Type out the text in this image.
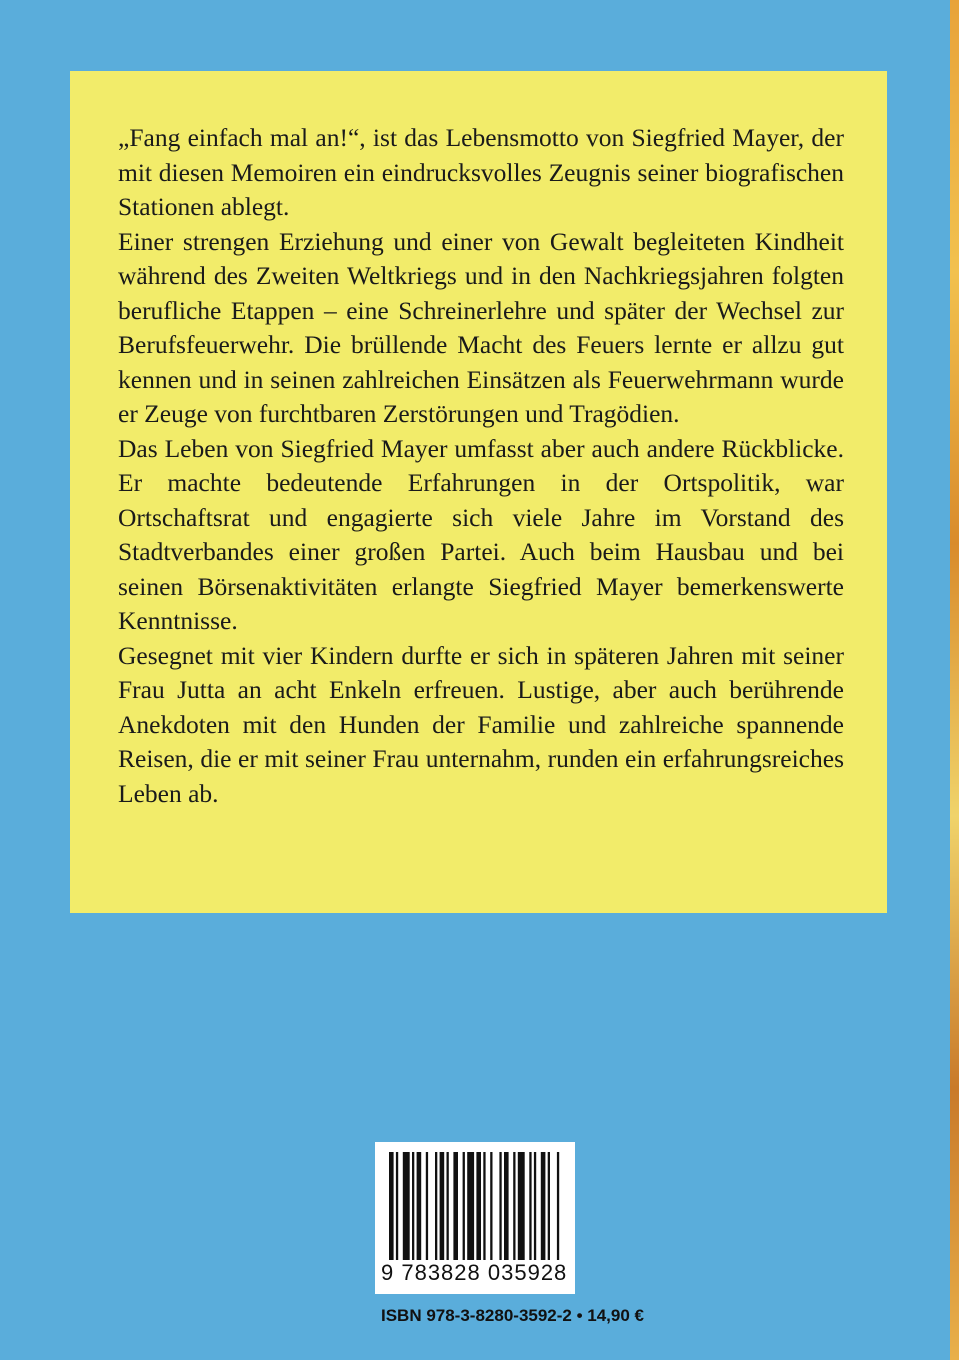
„Fang einfach mal an!“, ist das Lebensmotto von Siegfried Mayer, der mit diesen Memoiren ein eindrucksvolles Zeugnis seiner biografischen Stationen ablegt.

Einer strengen Erziehung und einer von Gewalt begleiteten Kindheit während des Zweiten Weltkriegs und in den Nachkriegsjahren folgten berufliche Etappen – eine Schreinerlehre und später der Wechsel zur Berufsfeuerwehr. Die brüllende Macht des Feuers lernte er allzu gut kennen und in seinen zahlreichen Einsätzen als Feuerwehrmann wurde er Zeuge von furchtbaren Zerstörungen und Tragödien.

Das Leben von Siegfried Mayer umfasst aber auch andere Rückblicke. Er machte bedeutende Erfahrungen in der Ortspolitik, war Ortschaftsrat und engagierte sich viele Jahre im Vorstand des Stadtverbandes einer großen Partei. Auch beim Hausbau und bei seinen Börsenaktivitäten erlangte Siegfried Mayer bemerkenswerte Kenntnisse.

Gesegnet mit vier Kindern durfte er sich in späteren Jahren mit seiner Frau Jutta an acht Enkeln erfreuen. Lustige, aber auch berührende Anekdoten mit den Hunden der Familie und zahlreiche spannende Reisen, die er mit seiner Frau unternahm, runden ein erfahrungsreiches Leben ab.

9 783828 035928
ISBN 978-3-8280-3592-2 • 14,90 €
